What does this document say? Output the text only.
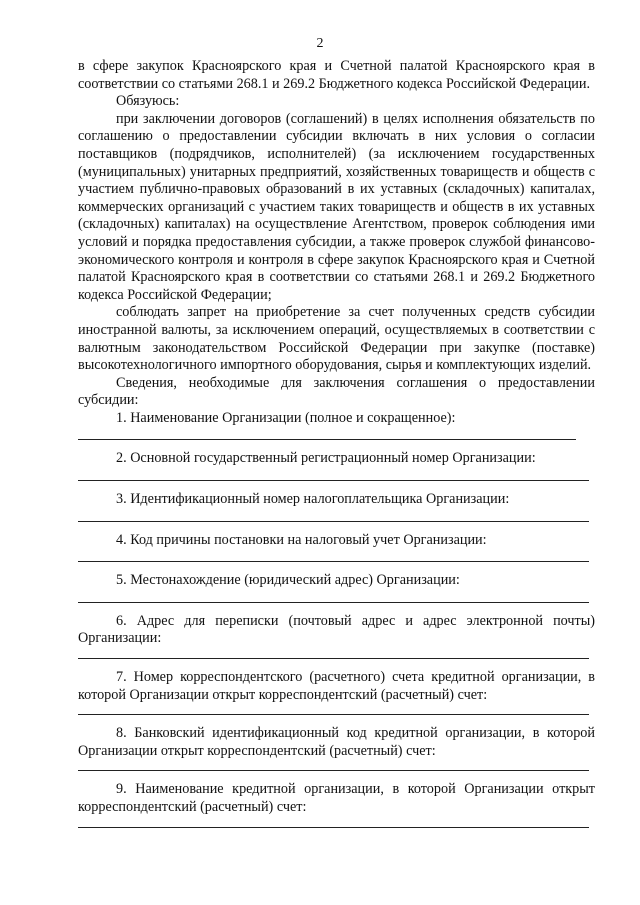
2

в сфере закупок Красноярского края и Счетной палатой Красноярского края в соответствии со статьями 268.1 и 269.2 Бюджетного кодекса Российской Федерации.

Обязуюсь:

при заключении договоров (соглашений) в целях исполнения обязательств по соглашению о предоставлении субсидии включать в них условия о согласии поставщиков (подрядчиков, исполнителей) (за исключением государственных (муниципальных) унитарных предприятий, хозяйственных товариществ и обществ с участием публично-правовых образований в их уставных (складочных) капиталах, коммерческих организаций с участием таких товариществ и обществ в их уставных (складочных) капиталах) на осуществление Агентством, проверок соблюдения ими условий и порядка предоставления субсидии, а также проверок службой финансово-экономического контроля и контроля в сфере закупок Красноярского края и Счетной палатой Красноярского края в соответствии со статьями 268.1 и 269.2 Бюджетного кодекса Российской Федерации;

соблюдать запрет на приобретение за счет полученных средств субсидии иностранной валюты, за исключением операций, осуществляемых в соответствии с валютным законодательством Российской Федерации при закупке (поставке) высокотехнологичного импортного оборудования, сырья и комплектующих изделий.

Сведения, необходимые для заключения соглашения о предоставлении субсидии:

1. Наименование Организации (полное и сокращенное):

2. Основной государственный регистрационный номер Организации:

3. Идентификационный номер налогоплательщика Организации:

4. Код причины постановки на налоговый учет Организации:

5. Местонахождение (юридический адрес) Организации:

6. Адрес для переписки (почтовый адрес и адрес электронной почты) Организации:

7. Номер корреспондентского (расчетного) счета кредитной организации, в которой Организации открыт корреспондентский (расчетный) счет:

8. Банковский идентификационный код кредитной организации, в которой Организации открыт корреспондентский (расчетный) счет:

9. Наименование кредитной организации, в которой Организации открыт корреспондентский (расчетный) счет:
